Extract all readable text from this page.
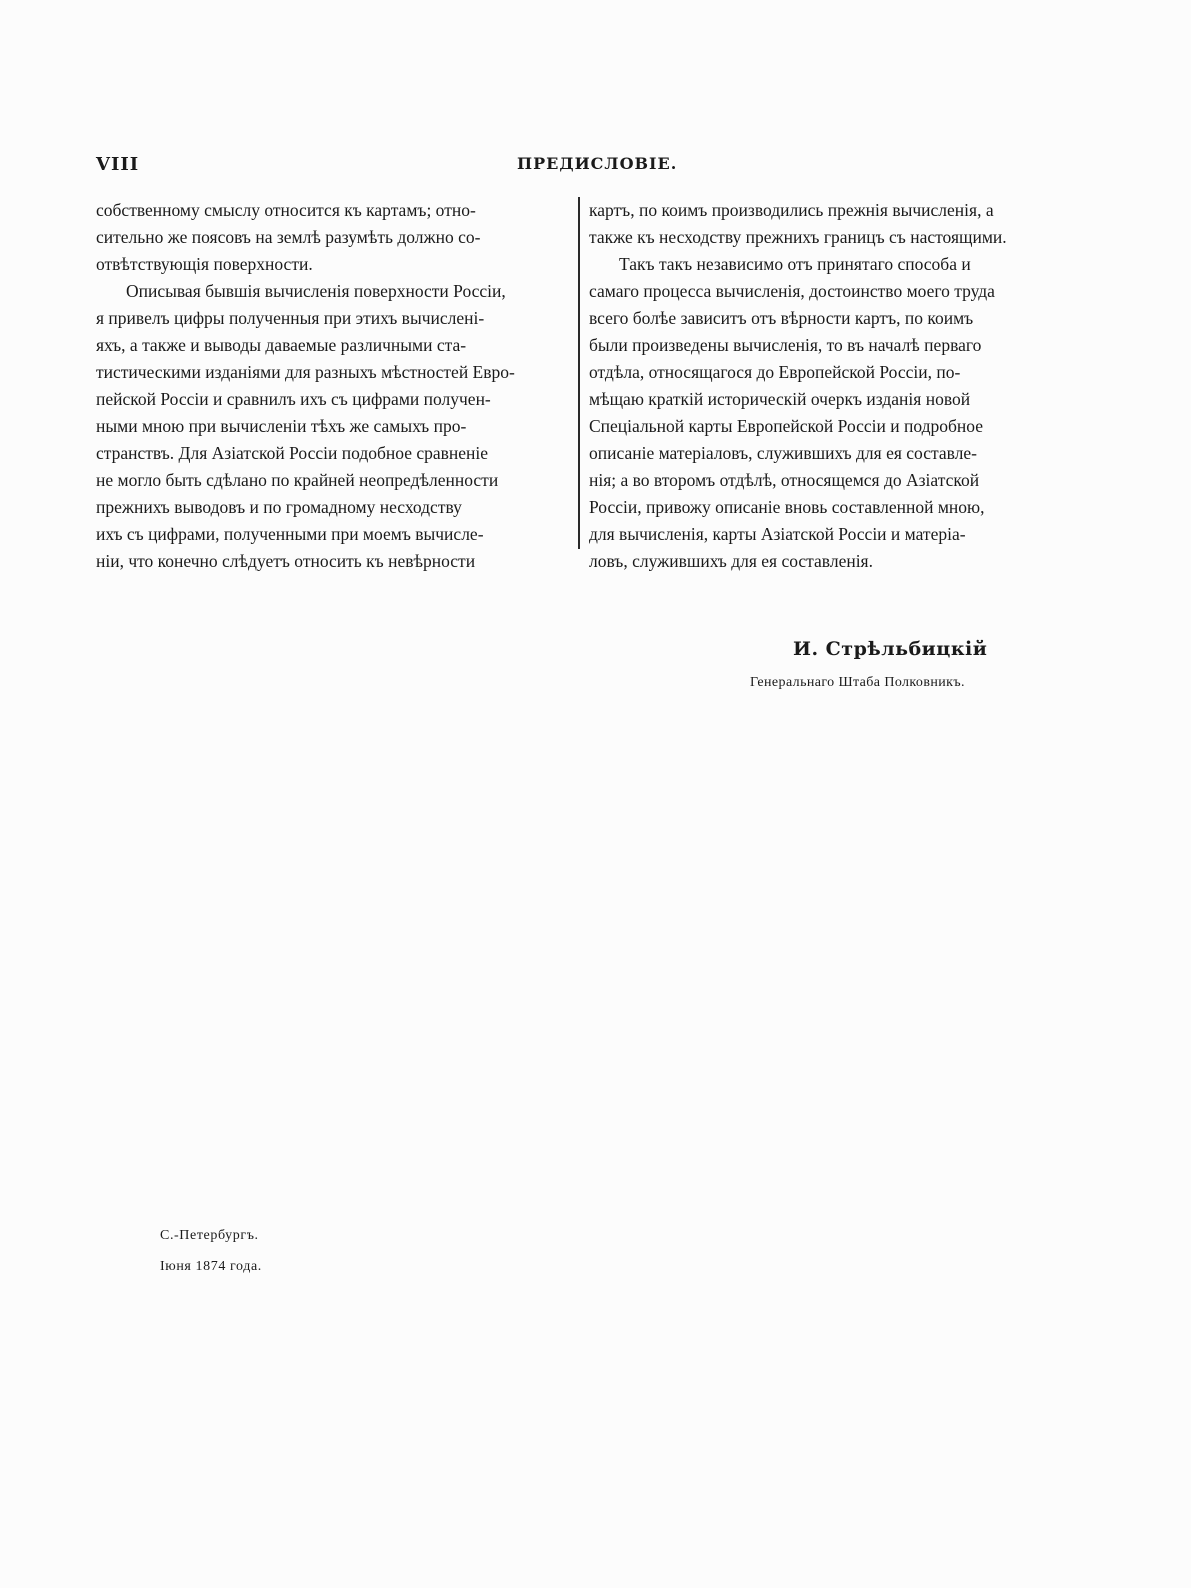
VIII	ПРЕДИСЛОВІЕ.
собственному смыслу относится къ картамъ; отно-
сительно же поясовъ на землѣ разумѣть должно со-
отвѣтствующія поверхности.
Описывая бывшія вычисленія поверхности Россіи,
я привелъ цифры полученныя при этихъ вычисленi-
яхъ, а также и выводы даваемые различными ста-
тистическими изданіями для разныхъ мѣстностей Евро-
пейской Россіи и сравнилъ ихъ съ цифрами получен-
ными мною при вычисленіи тѣхъ же самыхъ про-
странствъ. Для Азіатской Россіи подобное сравненіе
не могло быть сдѣлано по крайней неопредѣленности
прежнихъ выводовъ и по громадному несходству
ихъ съ цифрами, полученными при моемъ вычисле-
ніи, что конечно слѣдуетъ относить къ невѣрности
картъ, по коимъ производились прежнія вычисленія, а
также къ несходству прежнихъ границъ съ настоящими.
Такъ такъ независимо отъ принятаго способа и
самаго процесса вычисленія, достоинство моего труда
всего болѣе зависитъ отъ вѣрности картъ, по коимъ
были произведены вычисленія, то въ началѣ перваго
отдѣла, относящагося до Европейской Россіи, по-
мѣщаю краткій историческій очеркъ изданія новой
Спеціальной карты Европейской Россіи и подробное
описаніе матеріаловъ, служившихъ для ея составле-
нія; а во второмъ отдѣлѣ, относящемся до Азіатской
Россіи, привожу описаніе вновь составленной мною,
для вычисленія, карты Азіатской Россіи и матеріа-
ловъ, служившихъ для ея составленія.
И. Стрѣльбицкій
Генеральнаго Штаба Полковникъ.
С.-Петербургъ.
Іюня 1874 года.
